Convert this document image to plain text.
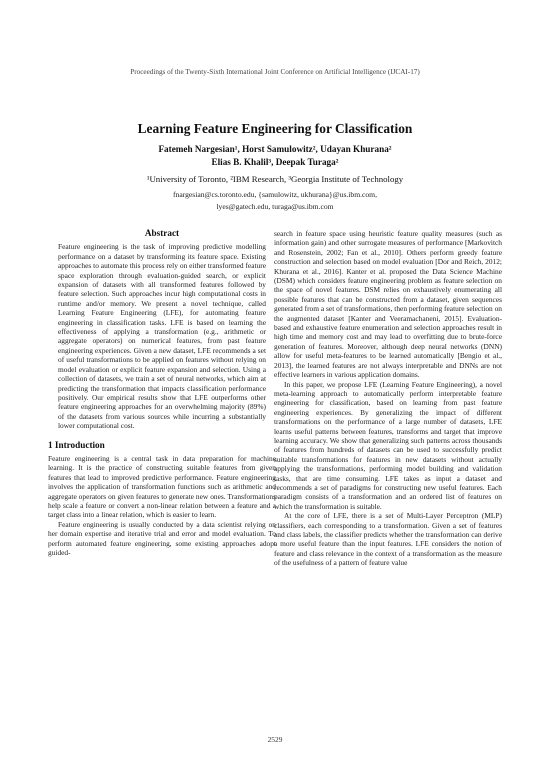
Proceedings of the Twenty-Sixth International Joint Conference on Artificial Intelligence (IJCAI-17)
Learning Feature Engineering for Classification
Fatemeh Nargesian¹, Horst Samulowitz², Udayan Khurana²
Elias B. Khalil³, Deepak Turaga²
¹University of Toronto, ²IBM Research, ³Georgia Institute of Technology
fnargesian@cs.toronto.edu, {samulowitz, ukhurana}@us.ibm.com,
lyes@gatech.edu, turaga@us.ibm.com
Abstract

Feature engineering is the task of improving predictive modelling performance on a dataset by transforming its feature space. Existing approaches to automate this process rely on either transformed feature space exploration through evaluation-guided search, or explicit expansion of datasets with all transformed features followed by feature selection. Such approaches incur high computational costs in runtime and/or memory. We present a novel technique, called Learning Feature Engineering (LFE), for automating feature engineering in classification tasks. LFE is based on learning the effectiveness of applying a transformation (e.g., arithmetic or aggregate operators) on numerical features, from past feature engineering experiences. Given a new dataset, LFE recommends a set of useful transformations to be applied on features without relying on model evaluation or explicit feature expansion and selection. Using a collection of datasets, we train a set of neural networks, which aim at predicting the transformation that impacts classification performance positively. Our empirical results show that LFE outperforms other feature engineering approaches for an overwhelming majority (89%) of the datasets from various sources while incurring a substantially lower computational cost.

1 Introduction

Feature engineering is a central task in data preparation for machine learning. It is the practice of constructing suitable features from given features that lead to improved predictive performance. Feature engineering involves the application of transformation functions such as arithmetic and aggregate operators on given features to generate new ones. Transformations help scale a feature or convert a non-linear relation between a feature and a target class into a linear relation, which is easier to learn.

Feature engineering is usually conducted by a data scientist relying on her domain expertise and iterative trial and error and model evaluation. To perform automated feature engineering, some existing approaches adopt guided-

search in feature space using heuristic feature quality measures (such as information gain) and other surrogate measures of performance [Markovitch and Rosenstein, 2002; Fan et al., 2010]. Others perform greedy feature construction and selection based on model evaluation [Dor and Reich, 2012; Khurana et al., 2016]. Kanter et al. proposed the Data Science Machine (DSM) which considers feature engineering problem as feature selection on the space of novel features. DSM relies on exhaustively enumerating all possible features that can be constructed from a dataset, given sequences generated from a set of transformations, then performing feature selection on the augmented dataset [Kanter and Veeramachaneni, 2015]. Evaluation-based and exhaustive feature enumeration and selection approaches result in high time and memory cost and may lead to overfitting due to brute-force generation of features. Moreover, although deep neural networks (DNN) allow for useful meta-features to be learned automatically [Bengio et al., 2013], the learned features are not always interpretable and DNNs are not effective learners in various application domains.

In this paper, we propose LFE (Learning Feature Engineering), a novel meta-learning approach to automatically perform interpretable feature engineering for classification, based on learning from past feature engineering experiences. By generalizing the impact of different transformations on the performance of a large number of datasets, LFE learns useful patterns between features, transforms and target that improve learning accuracy. We show that generalizing such patterns across thousands of features from hundreds of datasets can be used to successfully predict suitable transformations for features in new datasets without actually applying the transformations, performing model building and validation tasks, that are time consuming. LFE takes as input a dataset and recommends a set of paradigms for constructing new useful features. Each paradigm consists of a transformation and an ordered list of features on which the transformation is suitable.

At the core of LFE, there is a set of Multi-Layer Perceptron (MLP) classifiers, each corresponding to a transformation. Given a set of features and class labels, the classifier predicts whether the transformation can derive a more useful feature than the input features. LFE considers the notion of feature and class relevance in the context of a transformation as the measure of the usefulness of a pattern of feature value

2529
